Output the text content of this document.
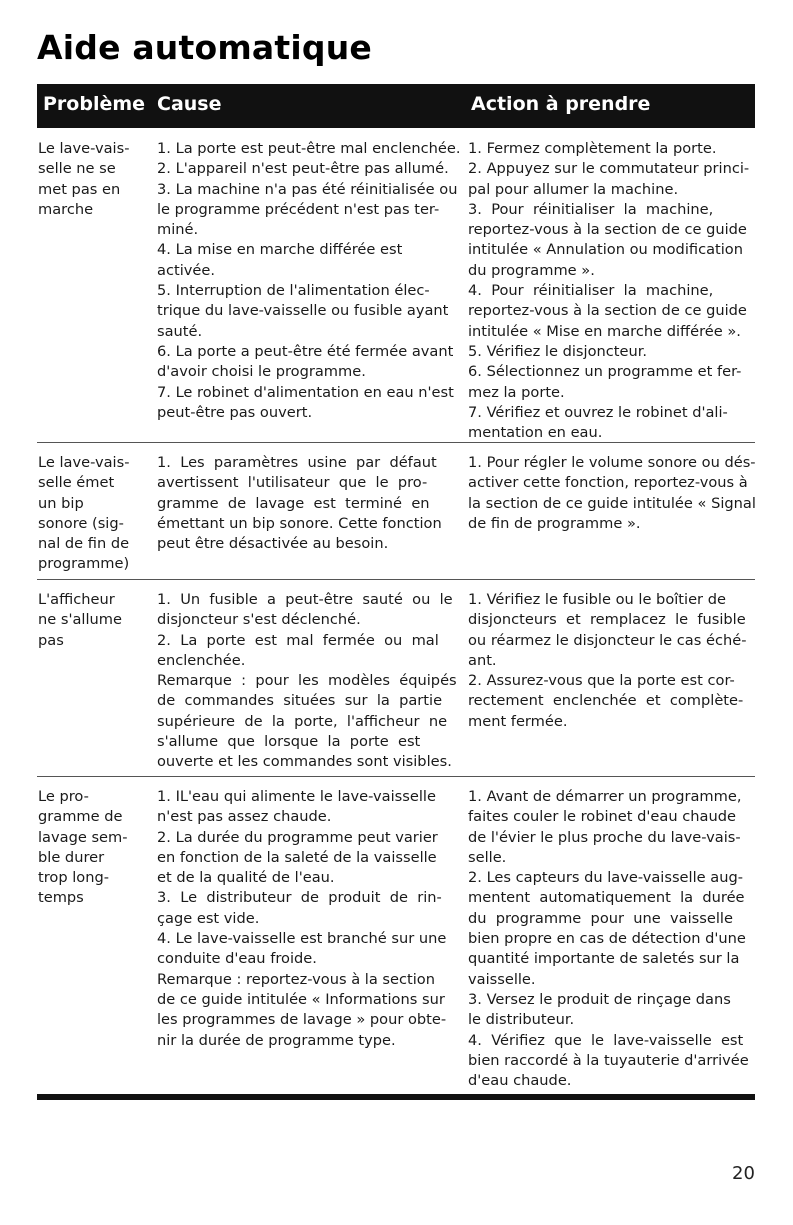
Aide automatique
Problème Cause	Action à prendre
Le lave-vais-
selle ne se
met pas en
marche
1. La porte est peut-être mal enclenchée.
2. L'appareil n'est peut-être pas allumé.
3. La machine n'a pas été réinitialisée ou
le programme précédent n'est pas ter-
miné.
4. La mise en marche différée est
activée.
5. Interruption de l'alimentation élec-
trique du lave-vaisselle ou fusible ayant
sauté.
6. La porte a peut-être été fermée avant
d'avoir choisi le programme.
7. Le robinet d'alimentation en eau n'est
peut-être pas ouvert.
1. Fermez complètement la porte.
2. Appuyez sur le commutateur princi-
pal pour allumer la machine.
3.  Pour  réinitialiser  la  machine,
reportez-vous à la section de ce guide
intitulée « Annulation ou modification
du programme ».
4.  Pour  réinitialiser  la  machine,
reportez-vous à la section de ce guide
intitulée « Mise en marche différée ».
5. Vérifiez le disjoncteur.
6. Sélectionnez un programme et fer-
mez la porte.
7. Vérifiez et ouvrez le robinet d'ali-
mentation en eau.
Le lave-vais-
selle émet
un bip
sonore (sig-
nal de fin de
programme)
1.  Les  paramètres  usine  par  défaut
avertissent  l'utilisateur  que  le  pro-
gramme  de  lavage  est  terminé  en
émettant un bip sonore. Cette fonction
peut être désactivée au besoin.
1. Pour régler le volume sonore ou dés-
activer cette fonction, reportez-vous à
la section de ce guide intitulée « Signal
de fin de programme ».
L'afficheur
ne s'allume
pas
1.  Un  fusible  a  peut-être  sauté  ou  le
disjoncteur s'est déclenché.
2.  La  porte  est  mal  fermée  ou  mal
enclenchée.
Remarque  :  pour  les  modèles  équipés
de  commandes  situées  sur  la  partie
supérieure  de  la  porte,  l'afficheur  ne
s'allume  que  lorsque  la  porte  est
ouverte et les commandes sont visibles.
1. Vérifiez le fusible ou le boîtier de
disjoncteurs  et  remplacez  le  fusible
ou réarmez le disjoncteur le cas éché-
ant.
2. Assurez-vous que la porte est cor-
rectement  enclenchée  et  complète-
ment fermée.
Le pro-
gramme de
lavage sem-
ble durer
trop long-
temps
1. IL'eau qui alimente le lave-vaisselle
n'est pas assez chaude.
2. La durée du programme peut varier
en fonction de la saleté de la vaisselle
et de la qualité de l'eau.
3.  Le  distributeur  de  produit  de  rin-
çage est vide.
4. Le lave-vaisselle est branché sur une
conduite d'eau froide.
Remarque : reportez-vous à la section
de ce guide intitulée « Informations sur
les programmes de lavage » pour obte-
nir la durée de programme type.
1. Avant de démarrer un programme,
faites couler le robinet d'eau chaude
de l'évier le plus proche du lave-vais-
selle.
2. Les capteurs du lave-vaisselle aug-
mentent  automatiquement  la  durée
du  programme  pour  une  vaisselle
bien propre en cas de détection d'une
quantité importante de saletés sur la
vaisselle.
3. Versez le produit de rinçage dans
le distributeur.
4.  Vérifiez  que  le  lave-vaisselle  est
bien raccordé à la tuyauterie d'arrivée
d'eau chaude.
20
